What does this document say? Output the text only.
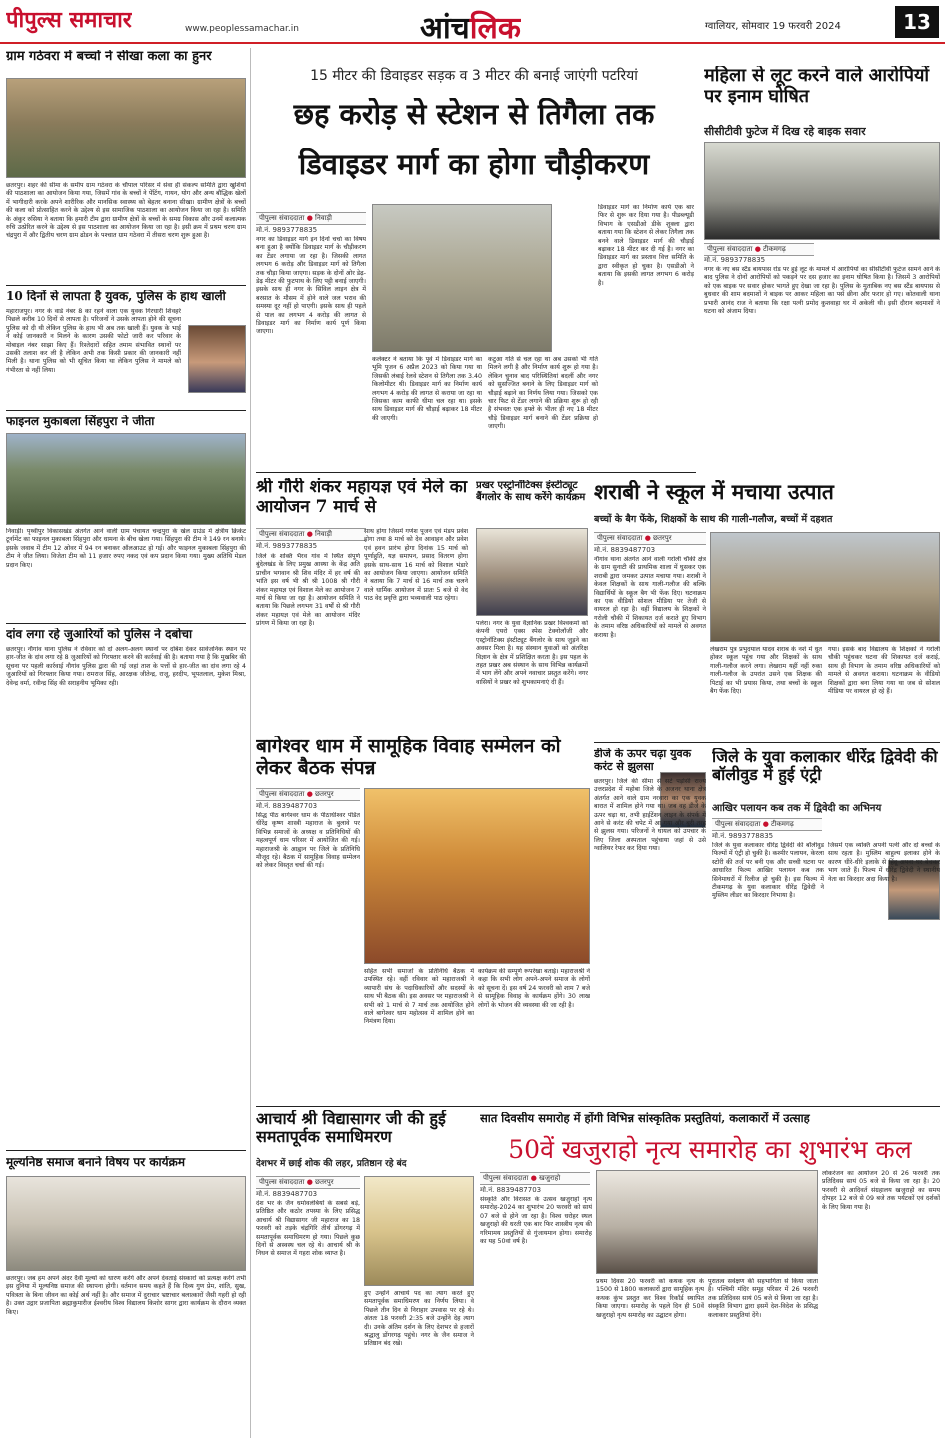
पीपुल्स समाचार	www.peoplessamachar.in	आंचलिक	ग्वालियर, सोमवार 19 फरवरी 2024	13
ग्राम गठेवरा में बच्चों ने सीखा कला का हुनर
छतरपुर। शहर की सीमा के समीप ग्राम गठेवरा के चौपाल परिसर में सेवा ही संकल्प समिति द्वारा खुशियों की पाठशाला का आयोजन किया गया, जिसमें गांव के बच्चों ने पेंटिंग, गायन, योग और अन्य बौद्धिक खेलों में भागीदारी करके अपने शारीरिक और मानसिक स्वास्थ्य को बेहतर बनाना सीखा। ग्रामीण क्षेत्रों के बच्चों की कला को प्रोत्साहित करने के उद्देश्य से इस सामाजिक पाठशाला का आयोजन किया जा रहा है। समिति के अंकुर रुसिया ने बताया कि हमारी टीम द्वारा ग्रामीण क्षेत्रों के बच्चों के समग्र विकास और उनमें कलात्मक रुचि उत्प्रेरित करने के उद्देश्य से इस पाठशाला का आयोजन किया जा रहा है। इसी क्रम में प्रथम चरण ग्राम चंद्रपुरा में और द्वितीय चरण ग्राम ढोडन के पश्चात ग्राम गठेवरा में तीसरा चरण शुरू हुआ है।
10 दिनों से लापता है युवक, पुलिस के हाथ खाली
महाराजपुर। नगर के वार्ड नंबर 8 का रहने वाला एक युवक गिरधारी शिवहरे पिछले करीब 10 दिनों से लापता है। परिजनों ने उसके लापता होने की सूचना पुलिस को दी थी लेकिन पुलिस के हाथ भी अब तक खाली हैं। युवक के भाई ने कोई जानकारी न मिलने के कारण उसकी फोटो जारी कर परिवार के मोबाइल नंबर साझा किए हैं। रिश्तेदारों सहित तमाम संभावित स्थानों पर उसकी तलाश कर ली है लेकिन अभी तक किसी प्रकार की जानकारी नहीं मिली है। थाना पुलिस को भी सूचित किया था लेकिन पुलिस ने मामले को गंभीरता से नहीं लिया।
फाइनल मुकाबला सिंहपुरा ने जीता
निवाड़ी। पृथ्वीपुर विकासखंड अंतर्गत आने वाली ग्राम पंचायत चन्द्रपुरा के खेल ग्राउंड में क्षेत्रीय क्रिकेट टूर्नामेंट का फाइनल मुकाबला सिंहपुरा और धामना के बीच खेला गया। सिंहपुरा की टीम ने 149 रन बनाये। इसके जवाब में टीम 12 ओवर में 94 रन बनाकर ऑलआउट हो गई। और फाइनल मुकाबला सिंहपुरा की टीम ने जीत लिया। विजेता टीम को 11 हजार रुपए नकद एवं कप प्रदान किया गया। मुख्य अतिथि मेडल प्रदान किए।
दांव लगा रहे जुआरियों को पुलिस ने दबोचा
छतरपुर। नौगांव थाना पुलिस ने रविवार को दो अलग-अलग स्थानों पर दबिश देकर सार्वजनिक स्थान पर हार-जीत के दांव लगा रहे 8 जुआरियों को गिरफ्तार करने की कार्रवाई की है। बताया गया है कि मुखबिर की सूचना पर पहली कार्रवाई नौगांव पुलिस द्वारा की गई जहां ताश के पत्तों से हार-जीत का दांव लगा रहे 4 जुआरियों को गिरफ्तार किया गया। रामराज सिंह, आरक्षक जीतेन्द्र, राजू, हरदीप, भूपतलाल, मुकेश मिश्रा, देवेन्द्र वर्मा, रवीन्द्र सिंह की सराहनीय भूमिका रही।
मूल्यनिष्ठ समाज बनाने विषय पर कार्यक्रम
छतरपुर। जब हम अपने अंदर दैवी मूल्यों को धारण करेंगे और अपने देवताई संस्कारों को प्रत्यक्ष करेंगे तभी इस दुनिया में मूल्यनिष्ठ समाज की स्थापना होगी। वर्तमान समय कहते हैं कि दिव्य गुण प्रेम, शांति, सुख, पवित्रता के बिना जीवन का कोई अर्थ नहीं है। और समाज में दुराचार भ्रष्टाचार बलात्कारों जैसी गहरी हो रही है। उक्त उद्गार प्रजापिता ब्रह्माकुमारीज ईश्वरीय विश्व विद्यालय किशोर सागर द्वारा कार्यक्रम के दौरान व्यक्त किए।
15 मीटर की डिवाइडर सड़क व 3 मीटर की बनाई जाएंगी पटरियां
छह करोड़ से स्टेशन से तिगैला तक
डिवाइडर मार्ग का होगा चौड़ीकरण
पीपुल्स संवाददाता ● निवाड़ी
मो.नं. 9893778835
नगर का डिवाइडर मार्ग इन दिनों चर्चा का विषय बना हुआ है क्योंकि डिवाइडर मार्ग के चौड़ीकरण का टेंडर लगाया जा रहा है। जिसकी लागत लगभग 6 करोड़ और डिवाइडर मार्ग को तिगैला तक चौड़ा किया जाएगा। सड़क के दोनों ओर डेढ़-डेढ़ मीटर की फुटपाथ के लिए पट्टी बनाई जाएगी। इसके साथ ही नगर के सिविल लाइन क्षेत्र में बरसात के मौसम में होने वाले जल भराव की समस्या दूर नहीं हो पाएगी। इसके साथ ही पहले से पाल का लगभग 4 करोड़ की लागत से डिवाइडर मार्ग का निर्माण कार्य पूर्ण किया जाएगा।
कलेक्टर ने बताया कि पूर्व में डिवाइडर मार्ग का भूमि पूजन 6 अप्रैल 2023 को किया गया था जिसकी लंबाई रेलवे स्टेशन से तिगैला तक 3.40 किलोमीटर थी। डिवाइडर मार्ग का निर्माण कार्य लगभग 4 करोड़ की लागत से कराया जा रहा था जिसका काम काफी धीमा चल रहा था। इसके साथ डिवाइडर मार्ग की चौड़ाई बढ़ाकर 18 मीटर की जाएगी।
कटुआ गति से चल रहा था अब उसको भी गति मिलने लगी है और निर्माण कार्य शुरू हो गया है। लेकिन चुनाव बाद परिस्थितियां बदलीं और नगर को सुसज्जित बनाने के लिए डिवाइडर मार्ग को चौड़ाई बढ़ाने का निर्णय लिया गया। जिसको एक चार फिट से टेंडर लगाने की प्रक्रिया शुरू हो रही है संभवतः एक हफ्ते के भीतर ही नए 18 मीटर चौड़े डिवाइडर मार्ग बनाने की टेंडर प्रक्रिया हो जाएगी।
डिवाइडर मार्ग का निर्माण कार्य एक बार फिर से शुरू कर दिया गया है। पीडब्ल्यूडी विभाग के एसडीओ डीके शुक्ला द्वारा बताया गया कि स्टेशन से लेकर तिगैला तक बनने वाले डिवाइडर मार्ग की चौड़ाई बढ़ाकर 18 मीटर कर दी गई है। नगर का डिवाइडर मार्ग का प्रस्ताव वित्त समिति के द्वारा स्वीकृत हो चुका है। एसडीओ ने बताया कि इसकी लागत लगभग 6 करोड़ है।
महिला से लूट करने वाले आरोपियों पर इनाम घोषित
सीसीटीवी फुटेज में दिख रहे बाइक सवार
पीपुल्स संवाददाता ● टीकमगढ़
मो.नं. 9893778835
नगर के नए बस स्टैंड बायपास रोड पर हुई लूट के मामले में आरोपियों का सीसीटीवी फुटेज सामने आने के बाद पुलिस ने दोनों आरोपियों को पकड़ने पर दस हजार का इनाम घोषित किया है। जिसमें 3 आरोपियों को एक बाइक पर सवार होकर भागते हुए देखा जा रहा है। पुलिस के मुताबिक नए बस स्टैंड बायपास से बुधवार की शाम बदमाशों ने बाइक पर आकर महिला का पर्स छीना और फरार हो गए। कोतवाली थाना प्रभारी आनंद राज ने बताया कि रक्षा पत्नी प्रमोद कुशवाहा घर में अकेली थी। इसी दौरान बदमाशों ने घटना को अंजाम दिया।
श्री गौरी शंकर महायज्ञ एवं मेले का आयोजन 7 मार्च से
पीपुल्स संवाददाता ● निवाड़ी
मो.नं. 9893778835
जिले के शक्ति भैरव गांव में स्थित संपूर्ण बुंदेलखंड के लिए प्रमुख आस्था के केंद्र अति प्राचीन भगवान श्री शिव मंदिर में हर वर्ष की भांति इस वर्ष भी श्री श्री 1008 श्री गौरी शंकर महायज्ञ एवं विशाल मेले का आयोजन 7 मार्च से किया जा रहा है। आयोजन समिति ने बताया कि पिछले लगभग 31 वर्षों से श्री गौरी शंकर महायज्ञ एवं मेले का आयोजन मंदिर प्रांगण में किया जा रहा है।
साथ होगा जिसमें गणेश पूजन एवं मंडप प्रवेश होगा तथा 8 मार्च को देव आवाहन और प्रवेश एवं हवन प्रारंभ होगा दिनांक 15 मार्च को पूर्णाहुति, यज्ञ समापन, प्रसाद वितरण होगा इसके साथ-साथ 16 मार्च को विशाल भंडारे का आयोजन किया जाएगा। आयोजन समिति ने बताया कि 7 मार्च से 16 मार्च तक चलने वाले धार्मिक आयोजन में प्रातः 5 बजे से वेद पाठ वेद प्रवृत्ति द्वारा भव्यवाली पाठ रहेगा।
प्रखर एस्ट्रोनॉटिक्स इंस्टीट्यूट बैंगलोर के साथ करेंगे कार्यक्रम
पलेरा। नगर के युवा वैज्ञानिक प्रखर विश्वकर्मा को कंपनी एयरो एक्स स्पेस टेक्नोलॉजी और एस्ट्रोनॉटिक्स इंस्टीट्यूट बैंगलोर के साथ जुड़ने का अवसर मिला है। यह संस्थान युवाओं को अंतरिक्ष विज्ञान के क्षेत्र में प्रशिक्षित करता है। इस पहल के तहत प्रखर अब संस्थान के साथ विभिन्न कार्यक्रमों में भाग लेंगे और अपने नवाचार प्रस्तुत करेंगे। नगर वासियों ने प्रखर को शुभकामनाएं दी हैं।
शराबी ने स्कूल में मचाया उत्पात
बच्चों के बैग फेंके, शिक्षकों के साथ की गाली-गलौज, बच्चों में दहशत
पीपुल्स संवाददाता ● छतरपुर
मो.नं. 8839487703
नौगांव थाना अंतर्गत आने वाली गरोली चौकी क्षेत्र के ग्राम सुनाटी की प्राथमिक शाला में घुसकर एक शराबी द्वारा जमकर उत्पात मचाया गया। शराबी ने केवल शिक्षकों के साथ गाली-गलौज की बल्कि विद्यार्थियों के स्कूल बैग भी फेंक दिए। घटनाक्रम का एक वीडियो सोशल मीडिया पर तेजी से वायरल हो रहा है। वहीं विद्यालय के शिक्षकों ने गरोली चौकी में शिकायत दर्ज कराते हुए विभाग के तमाम वरिष्ठ अधिकारियों को मामले से अवगत कराया है।
लेखराम पुत्र प्रभुदयाल यादव शराब के नशे में धुत होकर स्कूल पहुंच गया और शिक्षकों के साथ गाली-गलौज करने लगा। लेखराम यहीं नहीं रुका गाली-गलौज के उपरांत उसने एक शिक्षक की पिटाई का भी प्रयास किया, तथा बच्चों के स्कूल बैग फेंक दिए।
गया। इसके बाद विद्यालय के शिक्षकों ने गरोली चौकी पहुंचकर घटना की शिकायत दर्ज कराई, साथ ही विभाग के तमाम वरिष्ठ अधिकारियों को मामले से अवगत कराया। घटनाक्रम के वीडियो शिक्षकों द्वारा बना लिया गया था जब से सोशल मीडिया पर वायरल हो रहे हैं।
बागेश्वर धाम में सामूहिक विवाह सम्मेलन को लेकर बैठक संपन्न
पीपुल्स संवाददाता ● छतरपुर
मो.नं. 8839487703
सिद्ध पीठ बागेश्वर धाम के पीठाधीश्वर पंडित धीरेंद्र कृष्ण शास्त्री महाराज के बुलावे पर विभिन्न समाजों के अध्यक्ष व प्रतिनिधियों की महत्वपूर्ण धाम परिसर में आयोजित की गई। महाराजश्री के आह्वान पर जिले के प्रतिनिधि मौजूद रहे। बैठक में सामूहिक विवाह सम्मेलन को लेकर विस्तृत चर्चा की गई।
सहित सभी समाजों के प्रतिनिधि बैठक में उपस्थित रहे। वहीं रविवार को महाराजश्री ने व्यापारी संघ के पदाधिकारियों और सदस्यों के साथ भी बैठक की। इस अवसर पर महाराजश्री ने सभी को 1 मार्च से 7 मार्च तक आयोजित होने वाले बागेश्वर धाम महोत्सव में शामिल होने का निमंत्रण दिया।
कार्यक्रम की सम्पूर्ण रूपरेखा बताई। महाराजश्री ने कहा कि सभी लोग अपने-अपने समाज के लोगों को सूचना दें। इस वर्ष 24 फरवरी को शाम 7 बजे से सामूहिक विवाह के कार्यक्रम होंगे। 30 लाख लोगों के भोजन की व्यवस्था की जा रही है।
डीजे के ऊपर चढ़ा युवक करंट से झुलसा
छतरपुर। जिले की सीमा से सटे पड़ोसी राज्य उत्तरप्रदेश में महोबा जिले के अजनर थाना क्षेत्र अंतर्गत आने वाले ग्राम नरवारा का एक युवक बारात में शामिल होने गया था। जब वह डीजे के ऊपर चढ़ा था, तभी हाईटेंशन लाइन के संपर्क में आने से करंट की चपेट में आ गया और बुरी तरह से झुलस गया। परिजनों ने घायल को उपचार के लिए जिला अस्पताल पहुंचाया जहां से उसे ग्वालियर रेफर कर दिया गया।
जिले के युवा कलाकार धीरेंद्र द्विवेदी की बॉलीवुड में हुई एंट्री
आखिर पलायन कब तक में द्विवेदी का अभिनय
पीपुल्स संवाददाता ● टीकमगढ़
मो.नं. 9893778835
जिले के युवा कलाकार धीरेंद्र द्विवेदी की बॉलीवुड फिल्मों में एंट्री हो चुकी है। कश्मीर पलायन, केरला स्टोरी की तर्ज पर बनी एक और सच्ची घटना पर आधारित फिल्म आखिर पलायन कब तक सिनेमाघरों में रिलीज हो चुकी है। इस फिल्म में टीकमगढ़ के युवा कलाकार धीरेंद्र द्विवेदी ने मुस्लिम लीडर का किरदार निभाया है।
जिसमें एक व्यक्ति अपनी पत्नी और दो बच्चों के साथ रहता है। मुस्लिम बाहुल्य इलाका होने के कारण धीरे-धीरे इलाके से हिंदू अपना घर बेचकर भाग जाते हैं। फिल्म में धीरेंद्र द्विवेदी ने स्थानीय नेता का किरदार अदा किया है।
आचार्य श्री विद्यासागर जी की हुई समतापूर्वक समाधिमरण
देशभर में छाई शोक की लहर, प्रतिष्ठान रहे बंद
पीपुल्स संवाददाता ● छतरपुर
मो.नं. 8839487703
देश भर के जैन धर्मावलंबियों के सबसे बड़े, प्रतिष्ठित और कठोर तपस्या के लिए प्रसिद्ध आचार्य श्री विद्यासागर जी महाराज का 18 फरवरी को तड़के चंद्रगिरि तीर्थ डोंगरगढ़ में समतापूर्वक समाधिमरण हो गया। पिछले कुछ दिनों से अस्वस्थ चल रहे थे। आचार्य श्री के निधन से समाज में गहरा शोक व्याप्त है।
हुए उन्होंने आचार्य पद का त्याग करते हुए समतापूर्वक समाधिमरण का निर्णय लिया। वे पिछले तीन दिन से निराहार उपवास पर रहे थे। अंततः 18 फरवरी 2:35 बजे उन्होंने देह त्याग दी। उनके अंतिम दर्शन के लिए देशभर से हजारों श्रद्धालु डोंगरगढ़ पहुंचे। नगर के जैन समाज ने प्रतिष्ठान बंद रखे।
सात दिवसीय समारोह में होंगी विभिन्न सांस्कृतिक प्रस्तुतियां, कलाकारों में उत्साह
50वें खजुराहो नृत्य समारोह का शुभारंभ कल
पीपुल्स संवाददाता ● खजुराहो
मो.नं. 8839487703
संस्कृति और विरासत के उत्सव खजुराहो नृत्य समारोह-2024 का शुभारंभ 20 फरवरी को सायं 07 बजे से होने जा रहा है। विश्व धरोहर स्थल खजुराहो की धरती एक बार फिर शास्त्रीय नृत्य की गरिमामय प्रस्तुतियों से गुंजायमान होगा। समारोह का यह 50वां वर्ष है।
प्रथम दिवस 20 फरवरी को कथक नृत्य के 1500 से 1800 कलाकारों द्वारा सामूहिक नृत्य कथक कुंभ प्रस्तुत कर विश्व रिकॉर्ड स्थापित किया जाएगा। समारोह के पहले दिन ही 50वें खजुराहो नृत्य समारोह का उद्घाटन होगा।
पुरातत्व सर्वेक्षण की सहभागिता से किया जाता है। पश्चिमी मंदिर समूह परिसर में 26 फरवरी तक प्रतिदिवस सायं 05 बजे से किया जा रहा है। संस्कृति विभाग द्वारा इसमें देश-विदेश के प्रसिद्ध कलाकार प्रस्तुतियां देंगे।
लोकरंजन का आयोजन 20 से 26 फरवरी तक प्रतिदिवस सायं 05 बजे से किया जा रहा है। 20 फरवरी से आदिवर्त संग्रहालय खजुराहो का समय दोपहर 12 बजे से 09 बजे तक पर्यटकों एवं दर्शकों के लिए किया गया है।
